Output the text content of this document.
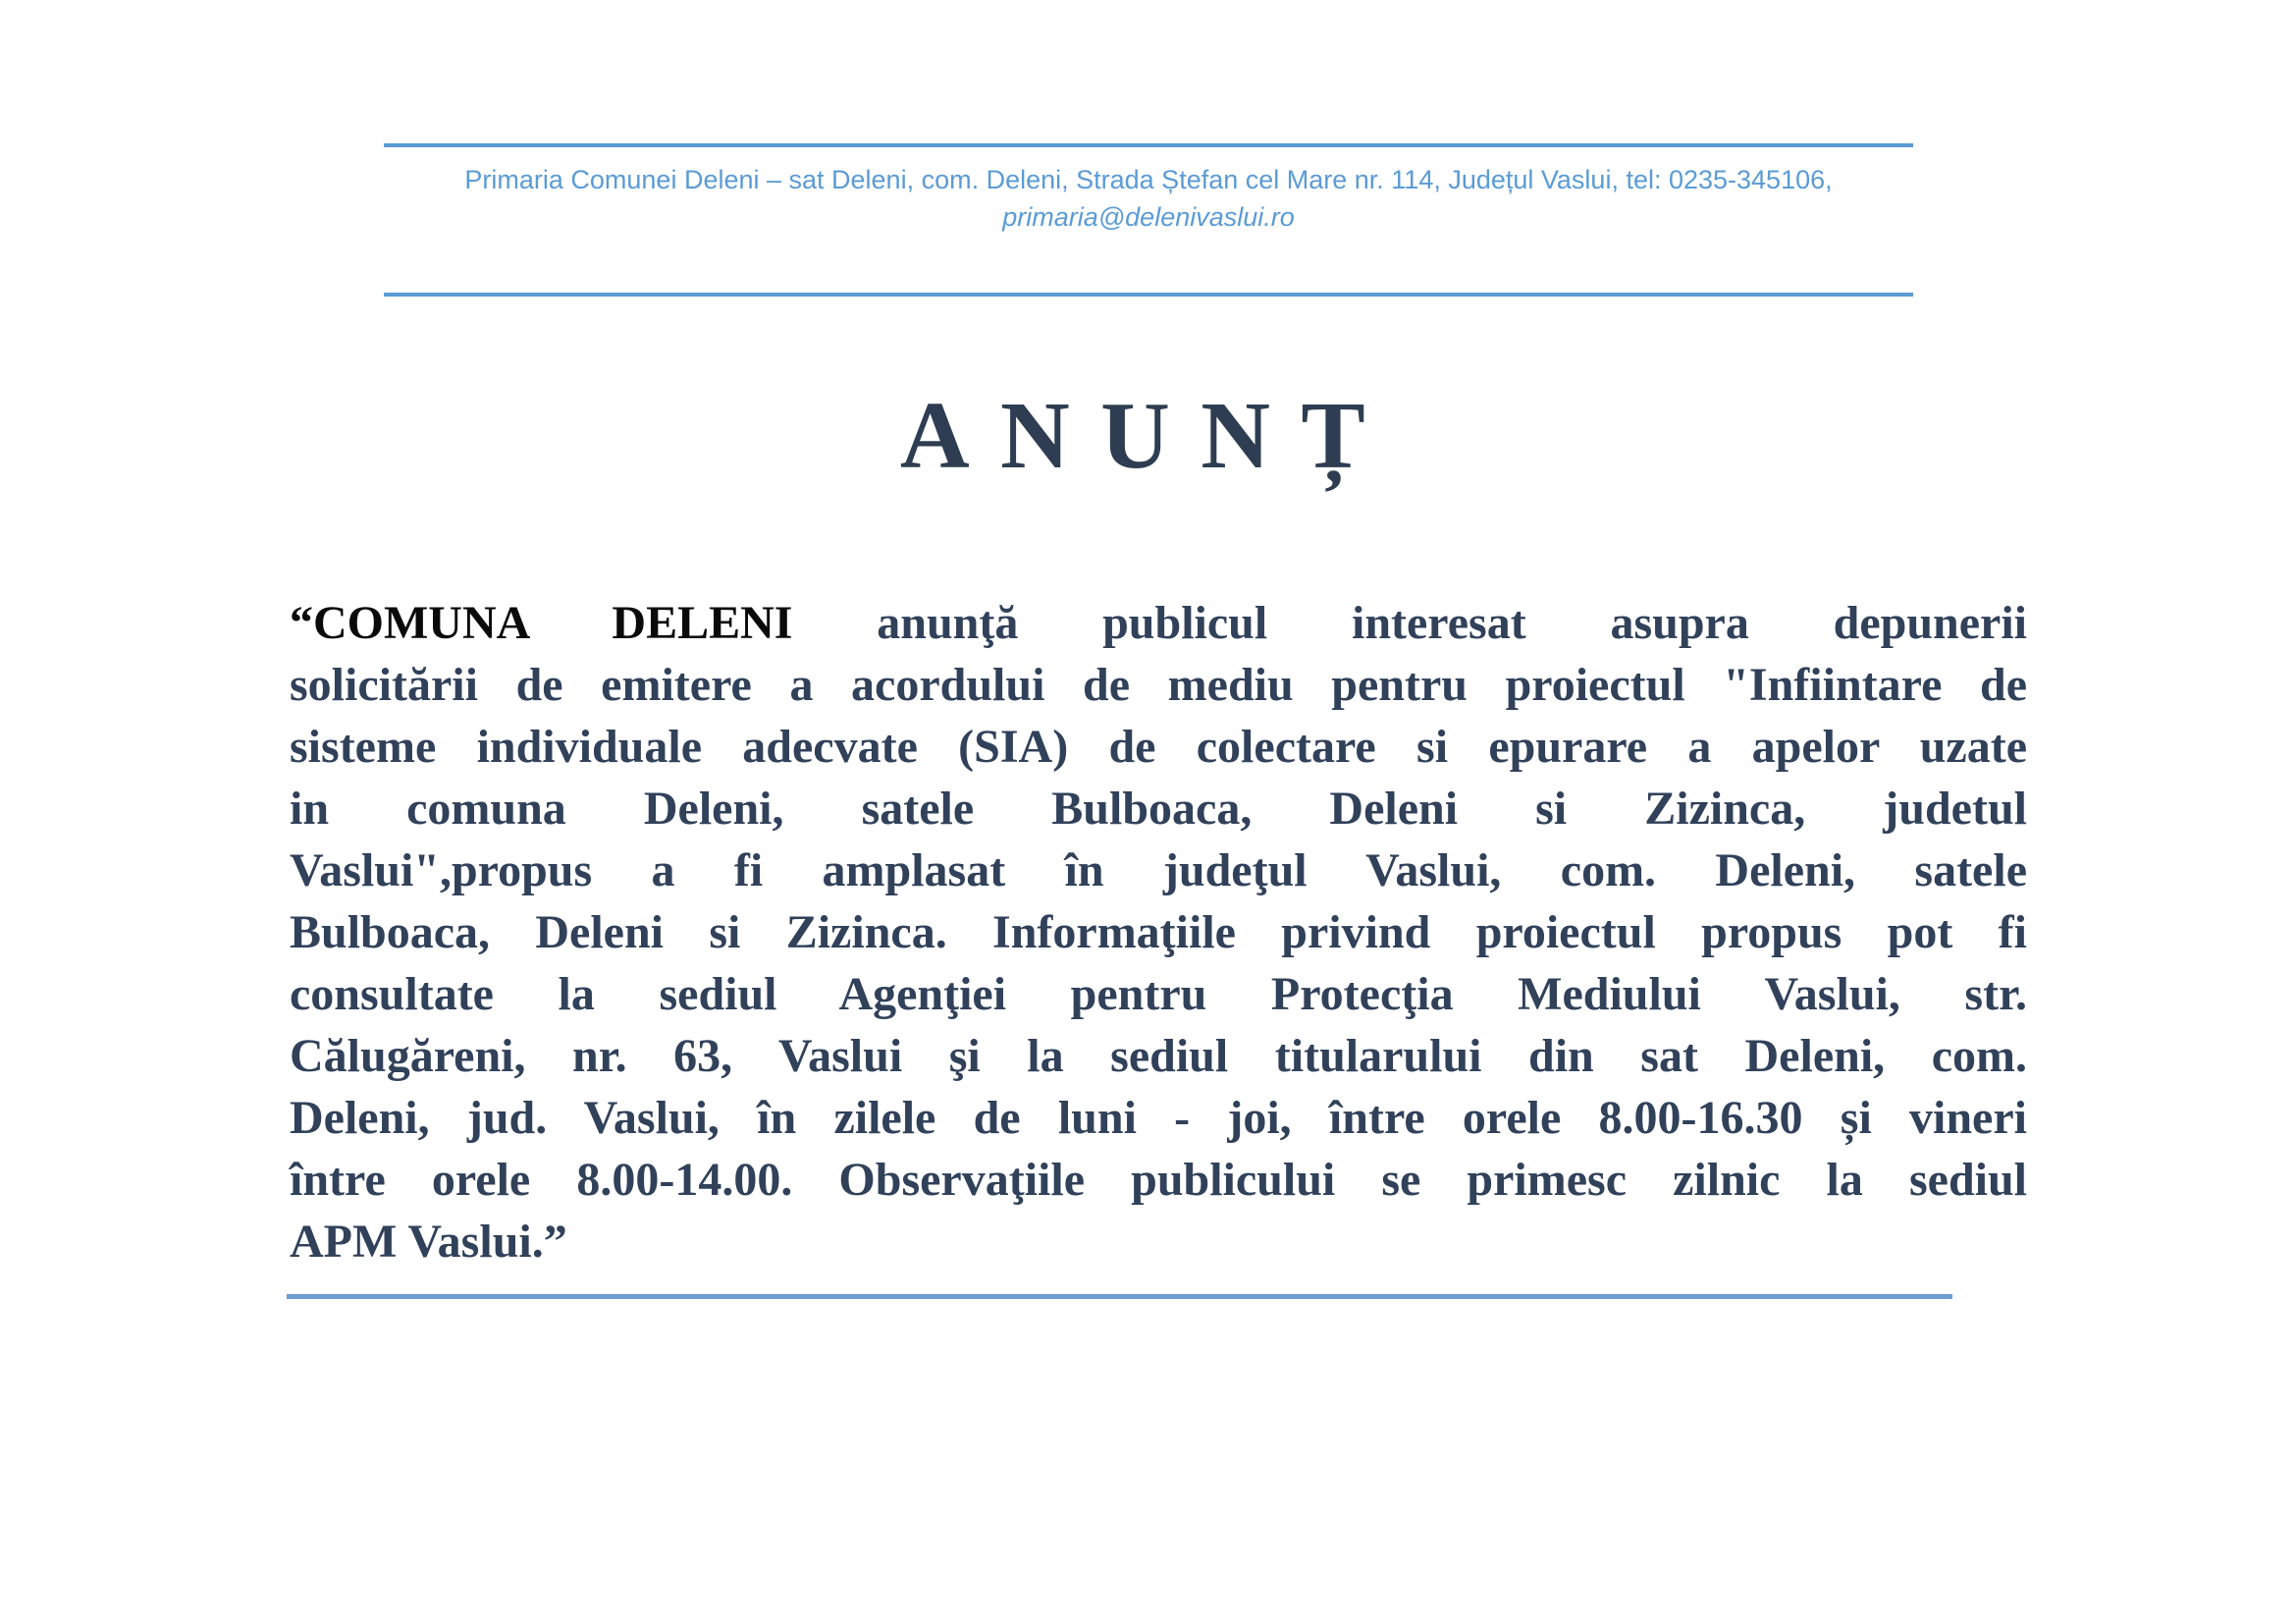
Primaria Comunei Deleni – sat Deleni, com. Deleni, Strada Ștefan cel Mare nr. 114, Județul Vaslui, tel: 0235-345106,
primaria@delenivaslui.ro
ANUNȚ
“COMUNA DELENI anunţă publicul interesat asupra depunerii
solicitării de emitere a acordului de mediu pentru proiectul "Infiintare de
sisteme individuale adecvate (SIA) de colectare si epurare a apelor uzate
in comuna Deleni, satele Bulboaca, Deleni si Zizinca, judetul
Vaslui",propus a fi amplasat în judeţul Vaslui, com. Deleni, satele
Bulboaca, Deleni si Zizinca. Informaţiile privind proiectul propus pot fi
consultate la sediul Agenţiei pentru Protecţia Mediului Vaslui, str.
Călugăreni, nr. 63, Vaslui şi la sediul titularului din sat Deleni, com.
Deleni, jud. Vaslui, în zilele de luni - joi, între orele 8.00-16.30 și vineri
între orele 8.00-14.00. Observaţiile publicului se primesc zilnic la sediul
APM Vaslui.”
